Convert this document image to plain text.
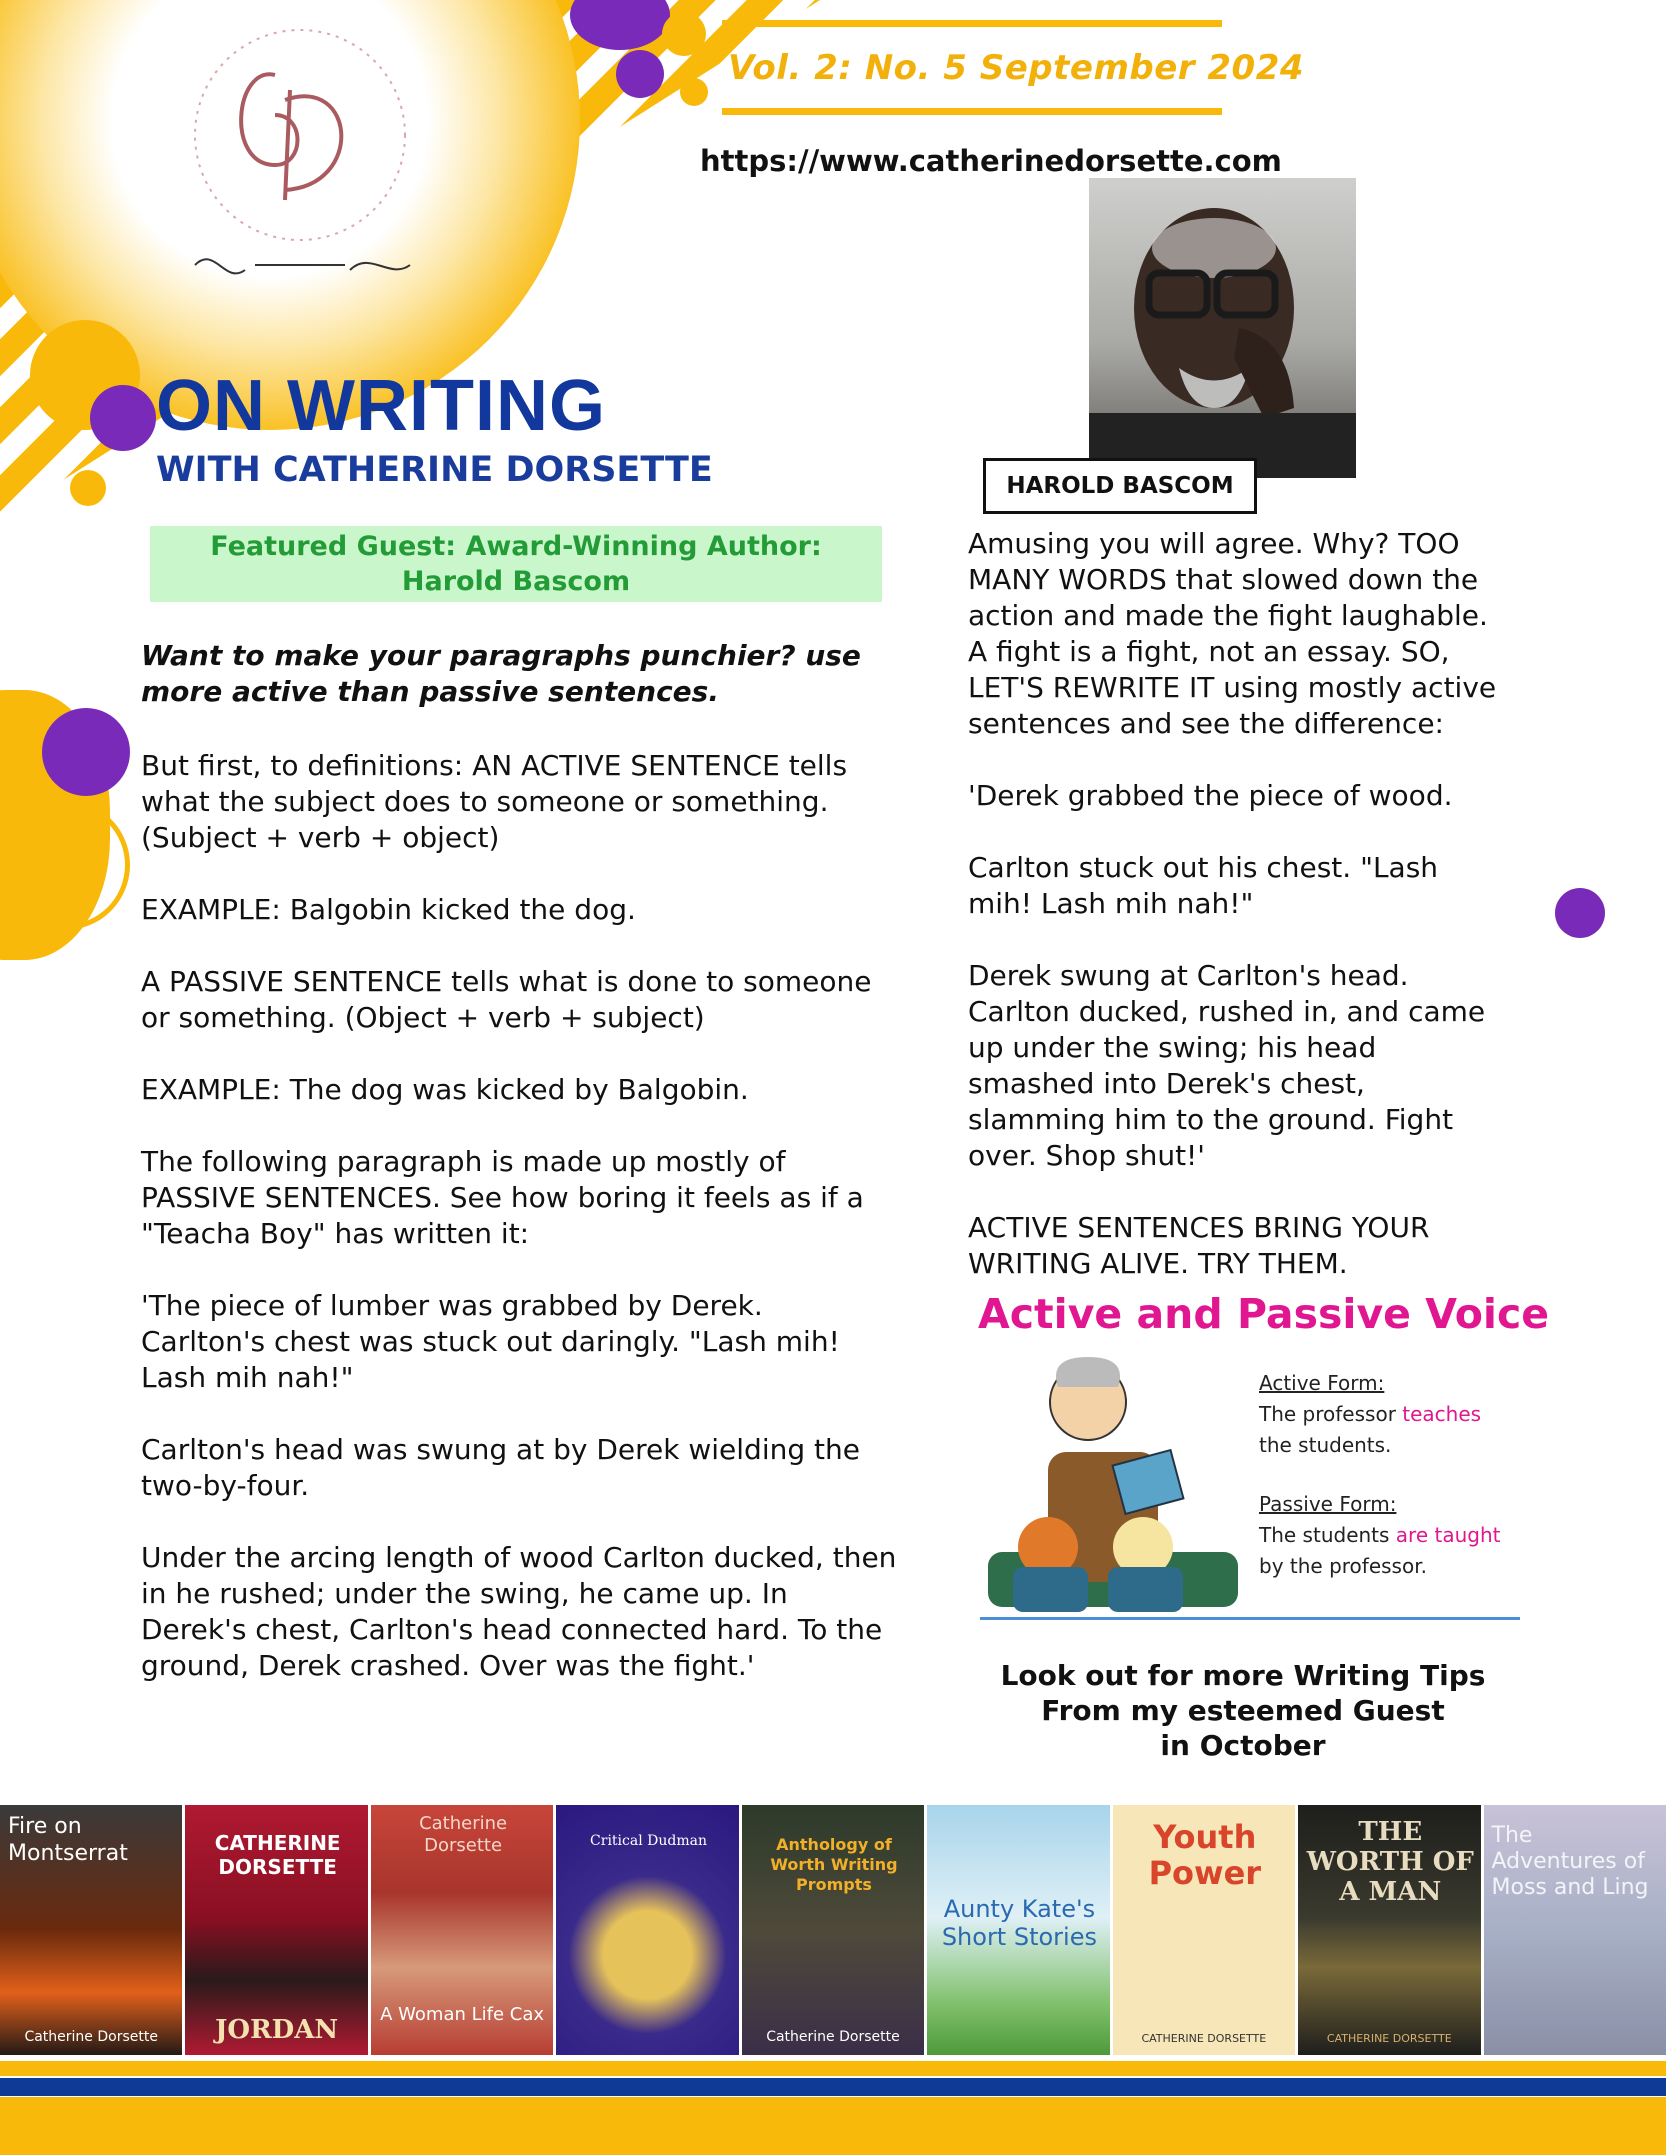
Vol. 2: No. 5 September 2024
https://www.catherinedorsette.com
HAROLD BASCOM
ON WRITING
WITH CATHERINE DORSETTE
Featured Guest: Award-Winning Author:
Harold Bascom
Want to make your paragraphs punchier? use more active than passive sentences.

But first, to definitions: AN ACTIVE SENTENCE tells what the subject does to someone or something. (Subject + verb + object)

EXAMPLE: Balgobin kicked the dog.

A PASSIVE SENTENCE tells what is done to someone or something. (Object + verb + subject)

EXAMPLE: The dog was kicked by Balgobin.

The following paragraph is made up mostly of PASSIVE SENTENCES. See how boring it feels as if a "Teacha Boy" has written it:

'The piece of lumber was grabbed by Derek.
Carlton's chest was stuck out daringly. "Lash mih! Lash mih nah!"

Carlton's head was swung at by Derek wielding the two-by-four.

Under the arcing length of wood Carlton ducked, then in he rushed; under the swing, he came up. In Derek's chest, Carlton's head connected hard. To the ground, Derek crashed. Over was the fight.'

Amusing you will agree. Why? TOO MANY WORDS that slowed down the action and made the fight laughable. A fight is a fight, not an essay. SO, LET'S REWRITE IT using mostly active sentences and see the difference:

'Derek grabbed the piece of wood.

Carlton stuck out his chest. "Lash mih! Lash mih nah!"

Derek swung at Carlton's head.
Carlton ducked, rushed in, and came up under the swing; his head smashed into Derek's chest, slamming him to the ground. Fight over. Shop shut!'

ACTIVE SENTENCES BRING YOUR WRITING ALIVE. TRY THEM.

Active and Passive Voice
Active Form:
The professor teaches the students.
Passive Form:
The students are taught by the professor.
Look out for more Writing Tips
From my esteemed Guest
in October
Fire on Montserrat
Catherine Dorsette
CATHERINE DORSETTE
JORDAN
Catherine Dorsette
A Woman Life Cax
Critical Dudman	Anthology of Worth Writing Prompts
Catherine Dorsette
Aunty Kate's Short Stories
Youth Power
CATHERINE DORSETTE
THE WORTH OF A MAN
CATHERINE DORSETTE
The Adventures of Moss and Ling
